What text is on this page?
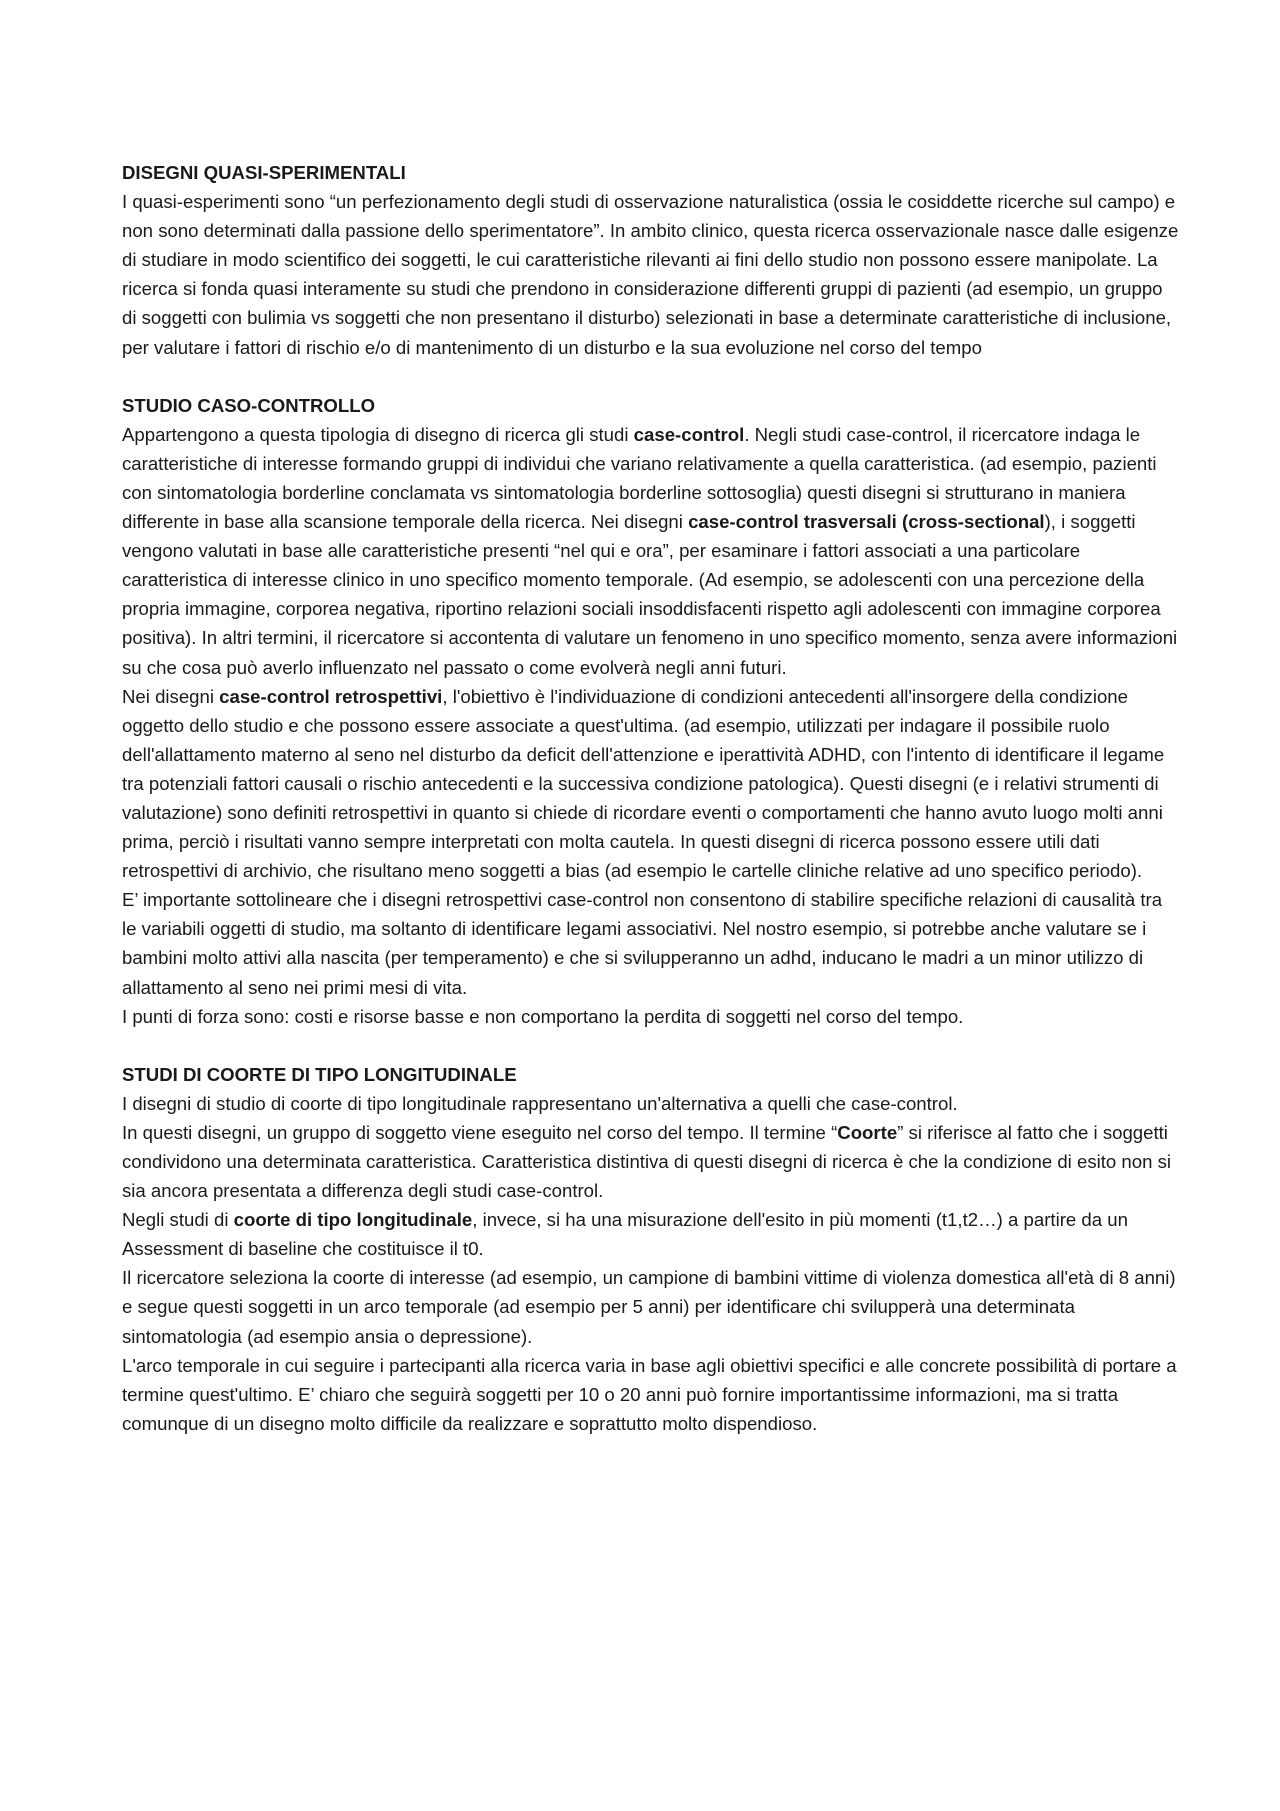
DISEGNI QUASI-SPERIMENTALI

I quasi-esperimenti sono “un perfezionamento degli studi di osservazione naturalistica (ossia le cosiddette ricerche sul campo) e non sono determinati dalla passione dello sperimentatore”. In ambito clinico, questa ricerca osservazionale nasce dalle esigenze di studiare in modo scientifico dei soggetti, le cui caratteristiche rilevanti ai fini dello studio non possono essere manipolate. La ricerca si fonda quasi interamente su studi che prendono in considerazione differenti gruppi di pazienti (ad esempio, un gruppo di soggetti con bulimia vs soggetti che non presentano il disturbo) selezionati in base a determinate caratteristiche di inclusione, per valutare i fattori di rischio e/o di mantenimento di un disturbo e la sua evoluzione nel corso del tempo

STUDIO CASO-CONTROLLO

Appartengono a questa tipologia di disegno di ricerca gli studi case-control. Negli studi case-control, il ricercatore indaga le caratteristiche di interesse formando gruppi di individui che variano relativamente a quella caratteristica. (ad esempio, pazienti con sintomatologia borderline conclamata vs sintomatologia borderline sottosoglia) questi disegni si strutturano in maniera differente in base alla scansione temporale della ricerca. Nei disegni case-control trasversali (cross-sectional), i soggetti vengono valutati in base alle caratteristiche presenti “nel qui e ora”, per esaminare i fattori associati a una particolare caratteristica di interesse clinico in uno specifico momento temporale. (Ad esempio, se adolescenti con una percezione della propria immagine, corporea negativa, riportino relazioni sociali insoddisfacenti rispetto agli adolescenti con immagine corporea positiva). In altri termini, il ricercatore si accontenta di valutare un fenomeno in uno specifico momento, senza avere informazioni su che cosa può averlo influenzato nel passato o come evolverà negli anni futuri.

Nei disegni case-control retrospettivi, l'obiettivo è l'individuazione di condizioni antecedenti all'insorgere della condizione oggetto dello studio e che possono essere associate a quest'ultima. (ad esempio, utilizzati per indagare il possibile ruolo dell'allattamento materno al seno nel disturbo da deficit dell'attenzione e iperattività ADHD, con l'intento di identificare il legame tra potenziali fattori causali o rischio antecedenti e la successiva condizione patologica). Questi disegni (e i relativi strumenti di valutazione) sono definiti retrospettivi in quanto si chiede di ricordare eventi o comportamenti che hanno avuto luogo molti anni prima, perciò i risultati vanno sempre interpretati con molta cautela. In questi disegni di ricerca possono essere utili dati retrospettivi di archivio, che risultano meno soggetti a bias (ad esempio le cartelle cliniche relative ad uno specifico periodo).

E’ importante sottolineare che i disegni retrospettivi case-control non consentono di stabilire specifiche relazioni di causalità tra le variabili oggetti di studio, ma soltanto di identificare legami associativi. Nel nostro esempio, si potrebbe anche valutare se i bambini molto attivi alla nascita (per temperamento) e che si svilupperanno un adhd, inducano le madri a un minor utilizzo di allattamento al seno nei primi mesi di vita.

I punti di forza sono: costi e risorse basse e non comportano la perdita di soggetti nel corso del tempo.

STUDI DI COORTE DI TIPO LONGITUDINALE

I disegni di studio di coorte di tipo longitudinale rappresentano un'alternativa a quelli che case-control.

In questi disegni, un gruppo di soggetto viene eseguito nel corso del tempo. Il termine “Coorte” si riferisce al fatto che i soggetti condividono una determinata caratteristica. Caratteristica distintiva di questi disegni di ricerca è che la condizione di esito non si sia ancora presentata a differenza degli studi case-control.

Negli studi di coorte di tipo longitudinale, invece, si ha una misurazione dell'esito in più momenti (t1,t2…) a partire da un Assessment di baseline che costituisce il t0.

Il ricercatore seleziona la coorte di interesse (ad esempio, un campione di bambini vittime di violenza domestica all'età di 8 anni) e segue questi soggetti in un arco temporale (ad esempio per 5 anni) per identificare chi svilupperà una determinata sintomatologia (ad esempio ansia o depressione).

L'arco temporale in cui seguire i partecipanti alla ricerca varia in base agli obiettivi specifici e alle concrete possibilità di portare a termine quest'ultimo. E’ chiaro che seguirà soggetti per 10 o 20 anni può fornire importantissime informazioni, ma si tratta comunque di un disegno molto difficile da realizzare e soprattutto molto dispendioso.
